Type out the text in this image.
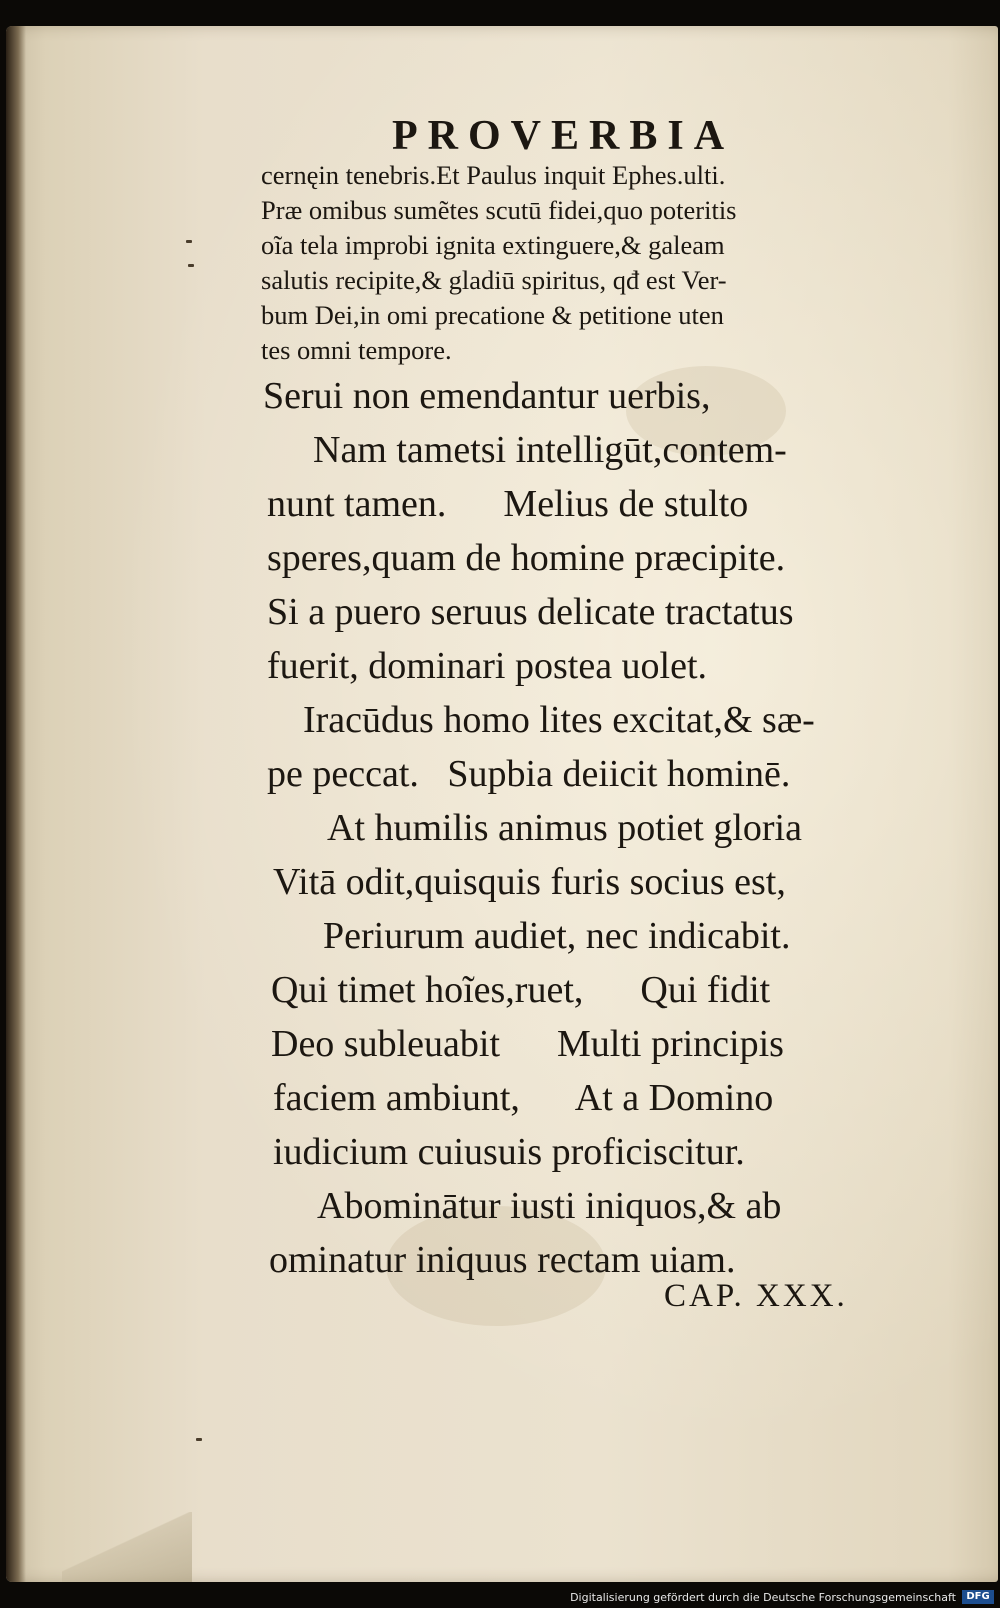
PROVERBIA
cernęin tenebris.Et Paulus inquit Ephes.ulti.
Præ omibus sumẽtes scutū fidei,quo poteritis
oĩa tela improbi ignita extinguere,& galeam
salutis recipite,& gladiū spiritus, qđ est Ver-
bum Dei,in omi precatione & petitione uten
tes omni tempore.
Serui non emendantur uerbis,
Nam tametsi intelligūt,contem-
nunt tamen.      Melius de stulto
speres,quam de homine præcipite.
Si a puero seruus delicate tractatus
fuerit, dominari postea uolet.
Iracūdus homo lites excitat,& sæ-
pe peccat.   Supbia deiicit hominē.
At humilis animus potiet gloria
Vitā odit,quisquis furis socius est,
Periurum audiet, nec indicabit.
Qui timet hoĩes,ruet,      Qui fidit
Deo subleuabit      Multi principis
faciem ambiunt,      At a Domino
iudicium cuiusuis proficiscitur.
Abominātur iusti iniquos,& ab
ominatur iniquus rectam uiam.
CAP. XXX.
Digitalisierung gefördert durch die Deutsche Forschungsgemeinschaft	DFG
